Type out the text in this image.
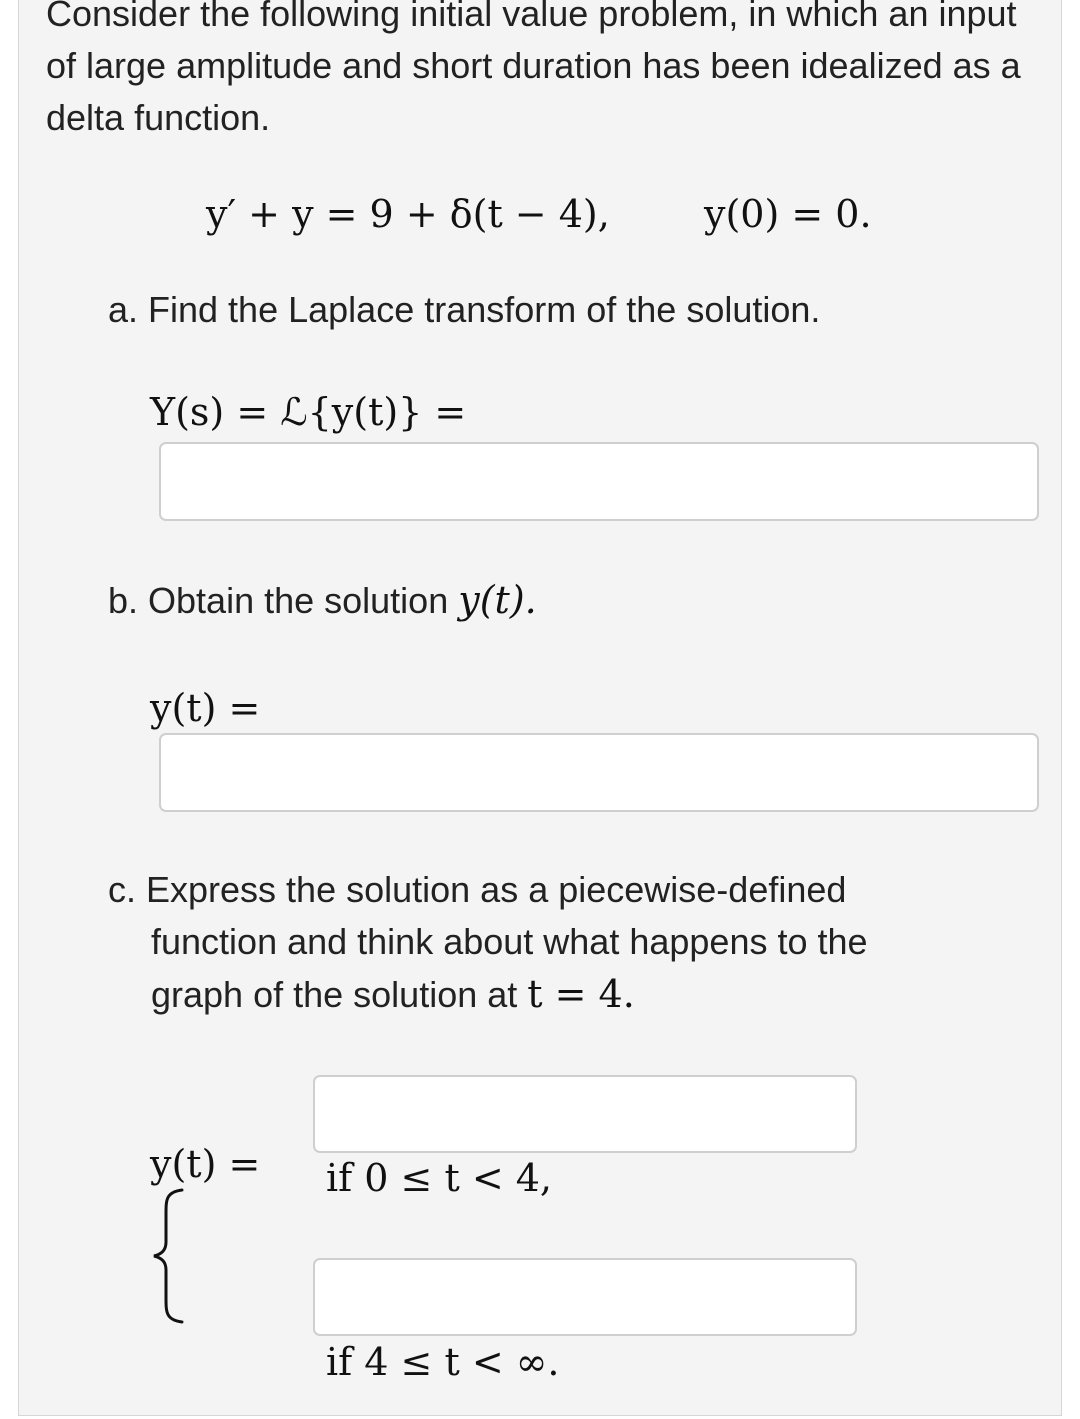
Consider the following initial value problem, in which an input of large amplitude and short duration has been idealized as a delta function.
y′ + y = 9 + δ(t − 4), y(0) = 0.
a. Find the Laplace transform of the solution.
Y(s) = ℒ{y(t)} =
b. Obtain the solution y(t).
y(t) =
c. Express the solution as a piecewise-defined
function and think about what happens to the
graph of the solution at t = 4.
y(t) = if 0 ≤ t < 4,
if 4 ≤ t < ∞.
